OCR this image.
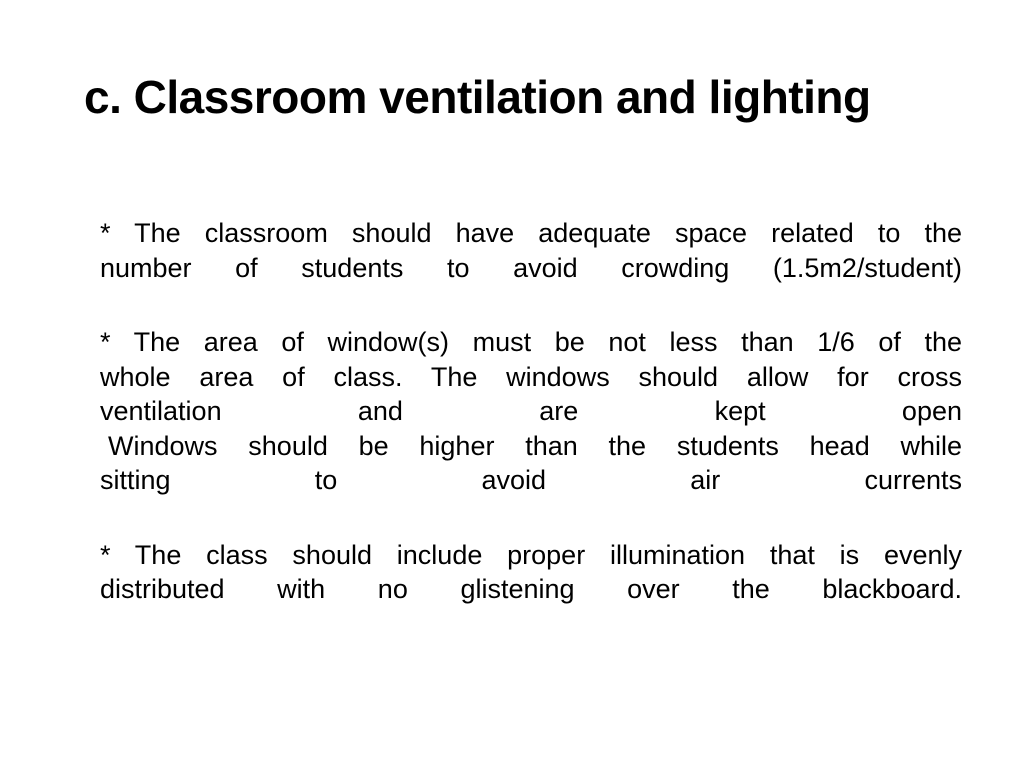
c. Classroom ventilation and lighting

* The classroom should have adequate space related to the
number of students to avoid crowding (1.5m2/student)

* The area of window(s) must be not less than 1/6 of the
whole area of class. The windows should allow for cross
ventilation and are kept open
Windows should be higher than the students head while
sitting to avoid air currents

* The class should include proper illumination that is evenly
distributed with no glistening over the blackboard.
